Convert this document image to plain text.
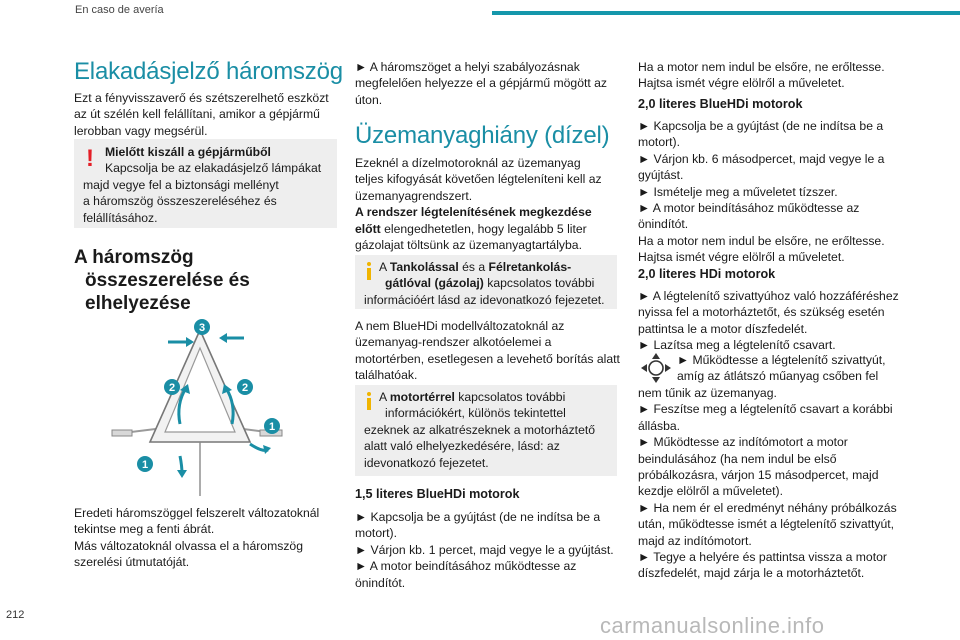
En caso de avería
Elakadásjelző háromszög

Ezt a fényvisszaverő és szétszerelhető eszközt

az út szélén kell felállítani, amikor a gépjármű

lerobban vagy megsérül.

! Mielőtt kiszáll a gépjárműből

Kapcsolja be az elakadásjelző lámpákat

majd vegye fel a biztonsági mellényt

a háromszög összeszereléséhez és

felállításához.

A háromszög
összeszerelése és
elhelyezése
3
2	2
1
1

Eredeti háromszöggel felszerelt változatoknál

tekintse meg a fenti ábrát.

Más változatoknál olvassa el a háromszög

szerelési útmutatóját.

► A háromszöget a helyi szabályozásnak

megfelelően helyezze el a gépjármű mögött az

úton.

Üzemanyaghiány (dízel)

Ezeknél a dízelmotoroknál az üzemanyag

teljes kifogyását követően légteleníteni kell az

üzemanyagrendszert.

A rendszer légtelenítésének megkezdése

előtt elengedhetetlen, hogy legalább 5 liter

gázolajat töltsünk az üzemanyagtartályba.

A Tankolással és a Félretankolás-

gátlóval (gázolaj) kapcsolatos további

információért lásd az idevonatkozó fejezetet.

A nem BlueHDi modellváltozatoknál az

üzemanyag-rendszer alkotóelemei a

motortérben, esetlegesen a levehető borítás alatt

találhatóak.

A motortérrel kapcsolatos további

információkért, különös tekintettel

ezeknek az alkatrészeknek a motorháztető

alatt való elhelyezkedésére, lásd: az

idevonatkozó fejezetet.

1,5 literes BlueHDi motorok

► Kapcsolja be a gyújtást (de ne indítsa be a

motort).

► Várjon kb. 1 percet, majd vegye le a gyújtást.

► A motor beindításához működtesse az

önindítót.

Ha a motor nem indul be elsőre, ne erőltesse.

Hajtsa ismét végre elölről a műveletet.

2,0 literes BlueHDi motorok

► Kapcsolja be a gyújtást (de ne indítsa be a

motort).

► Várjon kb. 6 másodpercet, majd vegye le a

gyújtást.

► Ismételje meg a műveletet tízszer.

► A motor beindításához működtesse az

önindítót.

Ha a motor nem indul be elsőre, ne erőltesse.

Hajtsa ismét végre elölről a műveletet.

2,0 literes HDi motorok

► A légtelenítő szivattyúhoz való hozzáféréshez

nyissa fel a motorháztetőt, és szükség esetén

pattintsa le a motor díszfedelét.

► Lazítsa meg a légtelenítő csavart.

► Működtesse a légtelenítő szivattyút,

amíg az átlátszó műanyag csőben fel

nem tűnik az üzemanyag.

► Feszítse meg a légtelenítő csavart a korábbi

állásba.

► Működtesse az indítómotort a motor

beindulásához (ha nem indul be első

próbálkozásra, várjon 15 másodpercet, majd

kezdje elölről a műveletet).

► Ha nem ér el eredményt néhány próbálkozás

után, működtesse ismét a légtelenítő szivattyút,

majd az indítómotort.

► Tegye a helyére és pattintsa vissza a motor

díszfedelét, majd zárja le a motorháztetőt.

212	carmanualsonline.info
